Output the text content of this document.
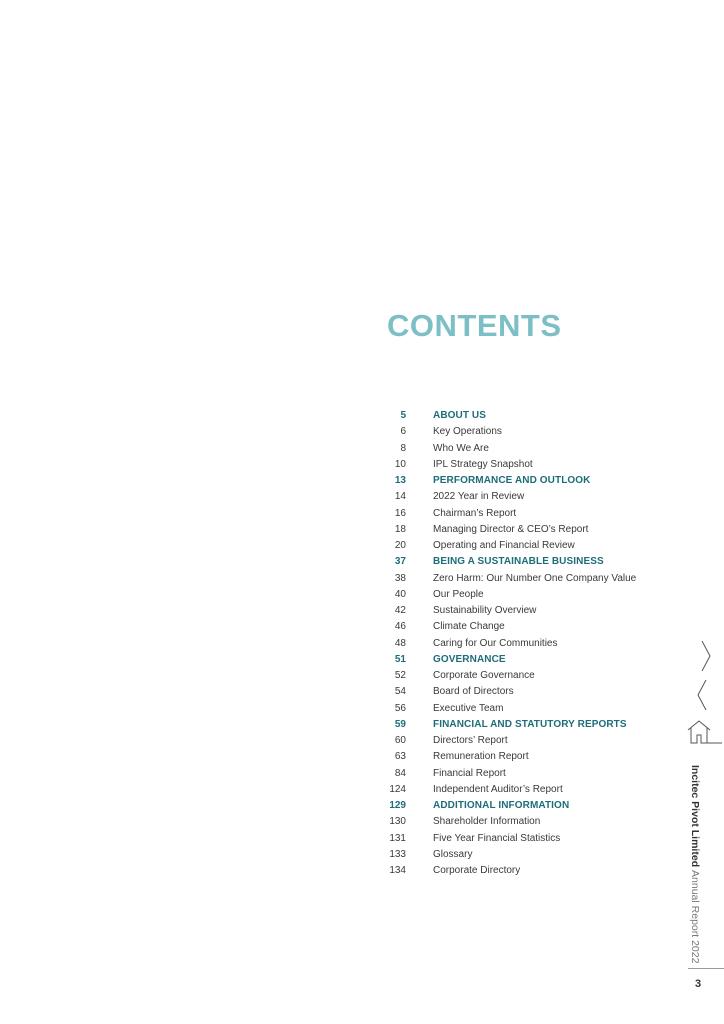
CONTENTS
5	ABOUT US
6	Key Operations
8	Who We Are
10	IPL Strategy Snapshot
13	PERFORMANCE AND OUTLOOK
14	2022 Year in Review
16	Chairman’s Report
18	Managing Director & CEO’s Report
20	Operating and Financial Review
37	BEING A SUSTAINABLE BUSINESS
38	Zero Harm: Our Number One Company Value
40	Our People
42	Sustainability Overview
46	Climate Change
48	Caring for Our Communities
51	GOVERNANCE
52	Corporate Governance
54	Board of Directors
56	Executive Team
59	FINANCIAL AND STATUTORY REPORTS
60	Directors’ Report
63	Remuneration Report
84	Financial Report
124	Independent Auditor’s Report
129	ADDITIONAL INFORMATION
130	Shareholder Information
131	Five Year Financial Statistics
133	Glossary
134	Corporate Directory
Incitec Pivot Limited Annual Report 2022
3
